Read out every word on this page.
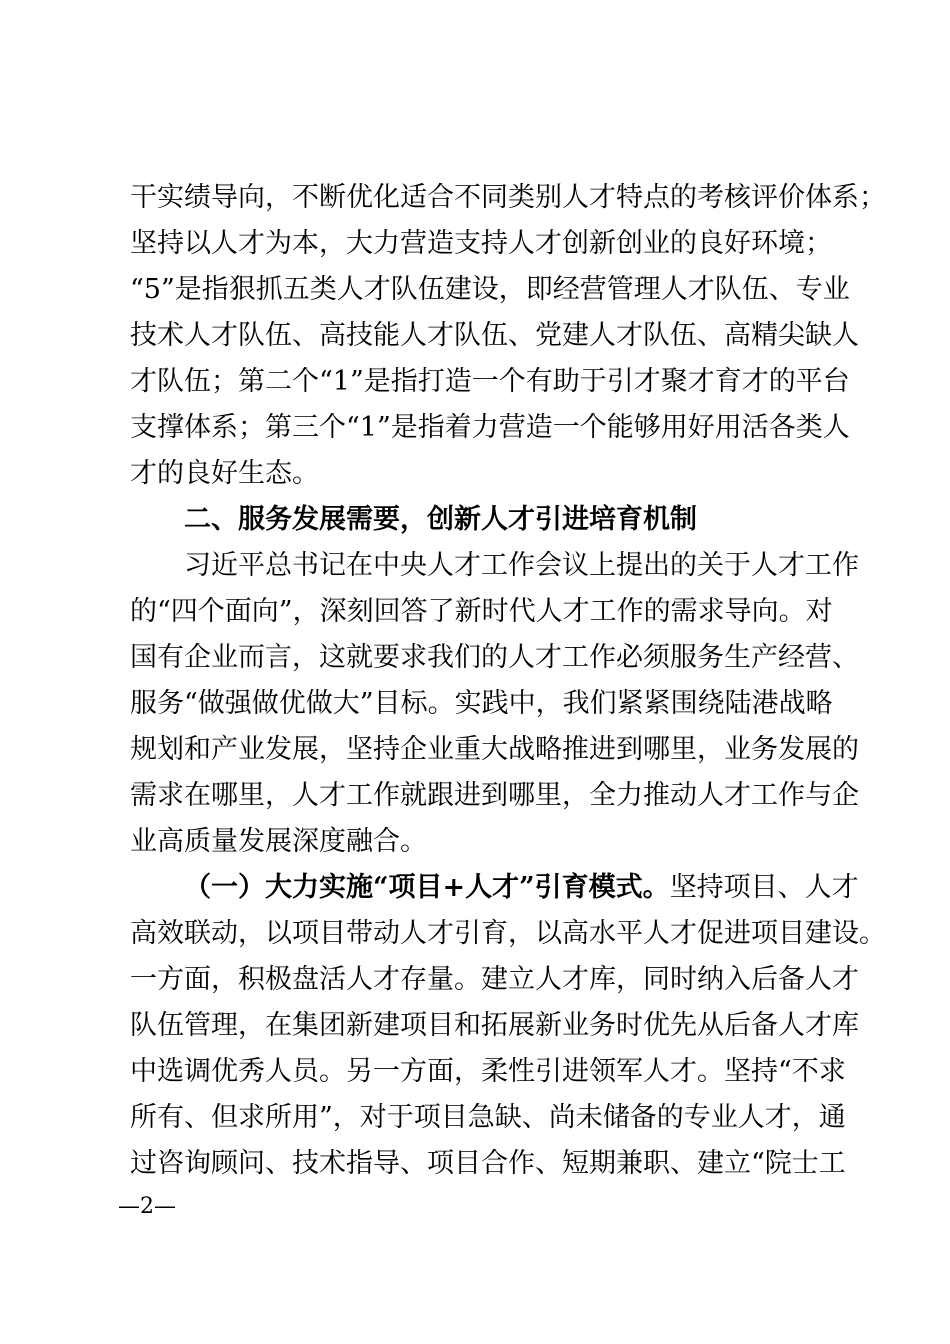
干实绩导向，不断优化适合不同类别人才特点的考核评价体系；
坚持以人才为本，大力营造支持人才创新创业的良好环境；
“5”是指狠抓五类人才队伍建设，即经营管理人才队伍、专业
技术人才队伍、高技能人才队伍、党建人才队伍、高精尖缺人
才队伍；第二个“1”是指打造一个有助于引才聚才育才的平台
支撑体系；第三个“1”是指着力营造一个能够用好用活各类人
才的良好生态。
二、服务发展需要，创新人才引进培育机制
习近平总书记在中央人才工作会议上提出的关于人才工作
的“四个面向”，深刻回答了新时代人才工作的需求导向。对
国有企业而言，这就要求我们的人才工作必须服务生产经营、
服务“做强做优做大”目标。实践中，我们紧紧围绕陆港战略
规划和产业发展，坚持企业重大战略推进到哪里，业务发展的
需求在哪里，人才工作就跟进到哪里，全力推动人才工作与企
业高质量发展深度融合。
（一）大力实施“项目+人才”引育模式。坚持项目、人才
高效联动，以项目带动人才引育，以高水平人才促进项目建设。
一方面，积极盘活人才存量。建立人才库，同时纳入后备人才
队伍管理，在集团新建项目和拓展新业务时优先从后备人才库
中选调优秀人员。另一方面，柔性引进领军人才。坚持“不求
所有、但求所用”，对于项目急缺、尚未储备的专业人才，通
过咨询顾问、技术指导、项目合作、短期兼职、建立“院士工
—2—
